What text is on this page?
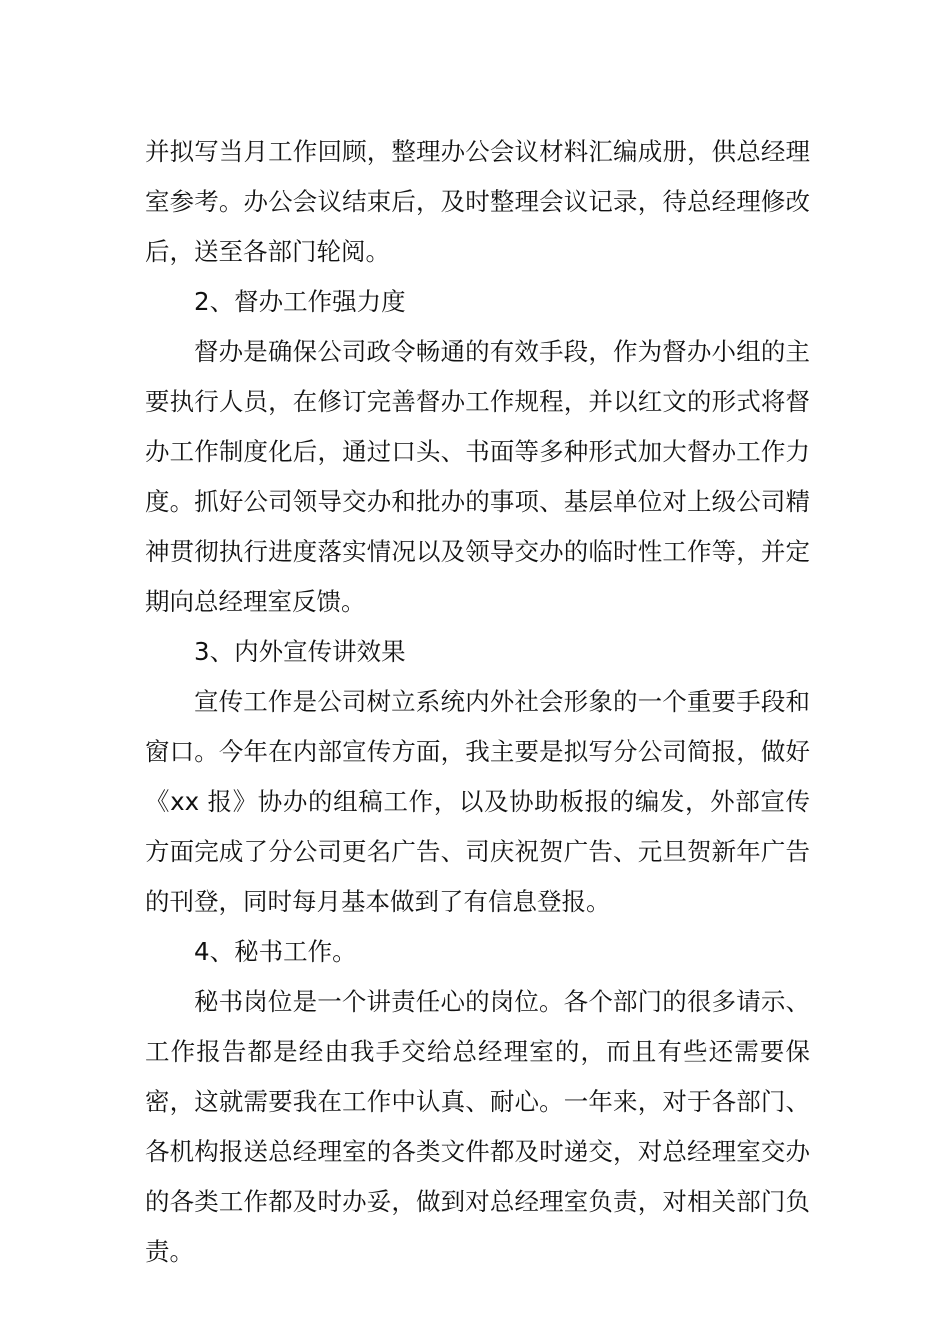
并拟写当月工作回顾，整理办公会议材料汇编成册，供总经理室参考。办公会议结束后，及时整理会议记录，待总经理修改后，送至各部门轮阅。

2、督办工作强力度

督办是确保公司政令畅通的有效手段，作为督办小组的主要执行人员，在修订完善督办工作规程，并以红文的形式将督办工作制度化后，通过口头、书面等多种形式加大督办工作力度。抓好公司领导交办和批办的事项、基层单位对上级公司精神贯彻执行进度落实情况以及领导交办的临时性工作等，并定期向总经理室反馈。

3、内外宣传讲效果

宣传工作是公司树立系统内外社会形象的一个重要手段和窗口。今年在内部宣传方面，我主要是拟写分公司简报，做好《xx 报》协办的组稿工作，以及协助板报的编发，外部宣传方面完成了分公司更名广告、司庆祝贺广告、元旦贺新年广告的刊登，同时每月基本做到了有信息登报。

4、秘书工作。

秘书岗位是一个讲责任心的岗位。各个部门的很多请示、工作报告都是经由我手交给总经理室的，而且有些还需要保密，这就需要我在工作中认真、耐心。一年来，对于各部门、各机构报送总经理室的各类文件都及时递交，对总经理室交办的各类工作都及时办妥，做到对总经理室负责，对相关部门负责。
